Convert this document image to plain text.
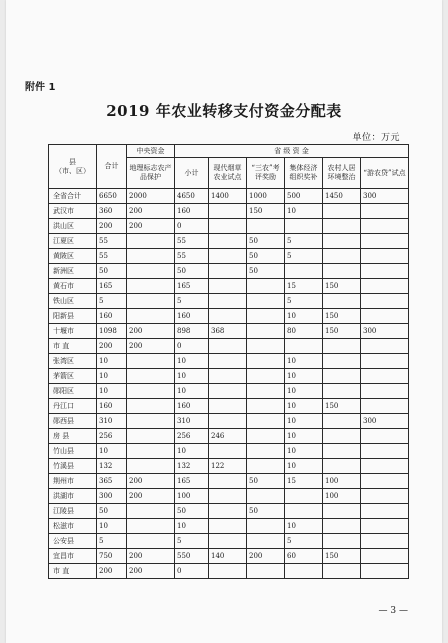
附件 1
2019 年农业转移支付资金分配表
单位：万元
县
（市、区）	合计	中央资金	省 级 资 金					
		地理标志农产品保护	小计	现代烟草农业试点	“三农”考评奖励	集体经济组织奖补	农村人居环境整治	“游农贷”试点
全省合计	6650	2000	4650	1400	1000	500	1450	300
武汉市	360	200	160		150	10		
洪山区	200	200	0					
江夏区	55		55		50	5		
黄陂区	55		55		50	5		
新洲区	50		50		50			
黄石市	165		165			15	150	
铁山区	5		5			5		
阳新县	160		160			10	150	
十堰市	1098	200	898	368		80	150	300
市 直	200	200	0					
张湾区	10		10			10		
茅箭区	10		10			10		
郧阳区	10		10			10		
丹江口	160		160			10	150	
郧西县	310		310			10		300
房 县	256		256	246		10		
竹山县	10		10			10		
竹溪县	132		132	122		10		
荆州市	365	200	165		50	15	100	
洪湖市	300	200	100				100	
江陵县	50		50		50			
松滋市	10		10			10		
公安县	5		5			5		
宜昌市	750	200	550	140	200	60	150	
市 直	200	200	0					
— 3 —
